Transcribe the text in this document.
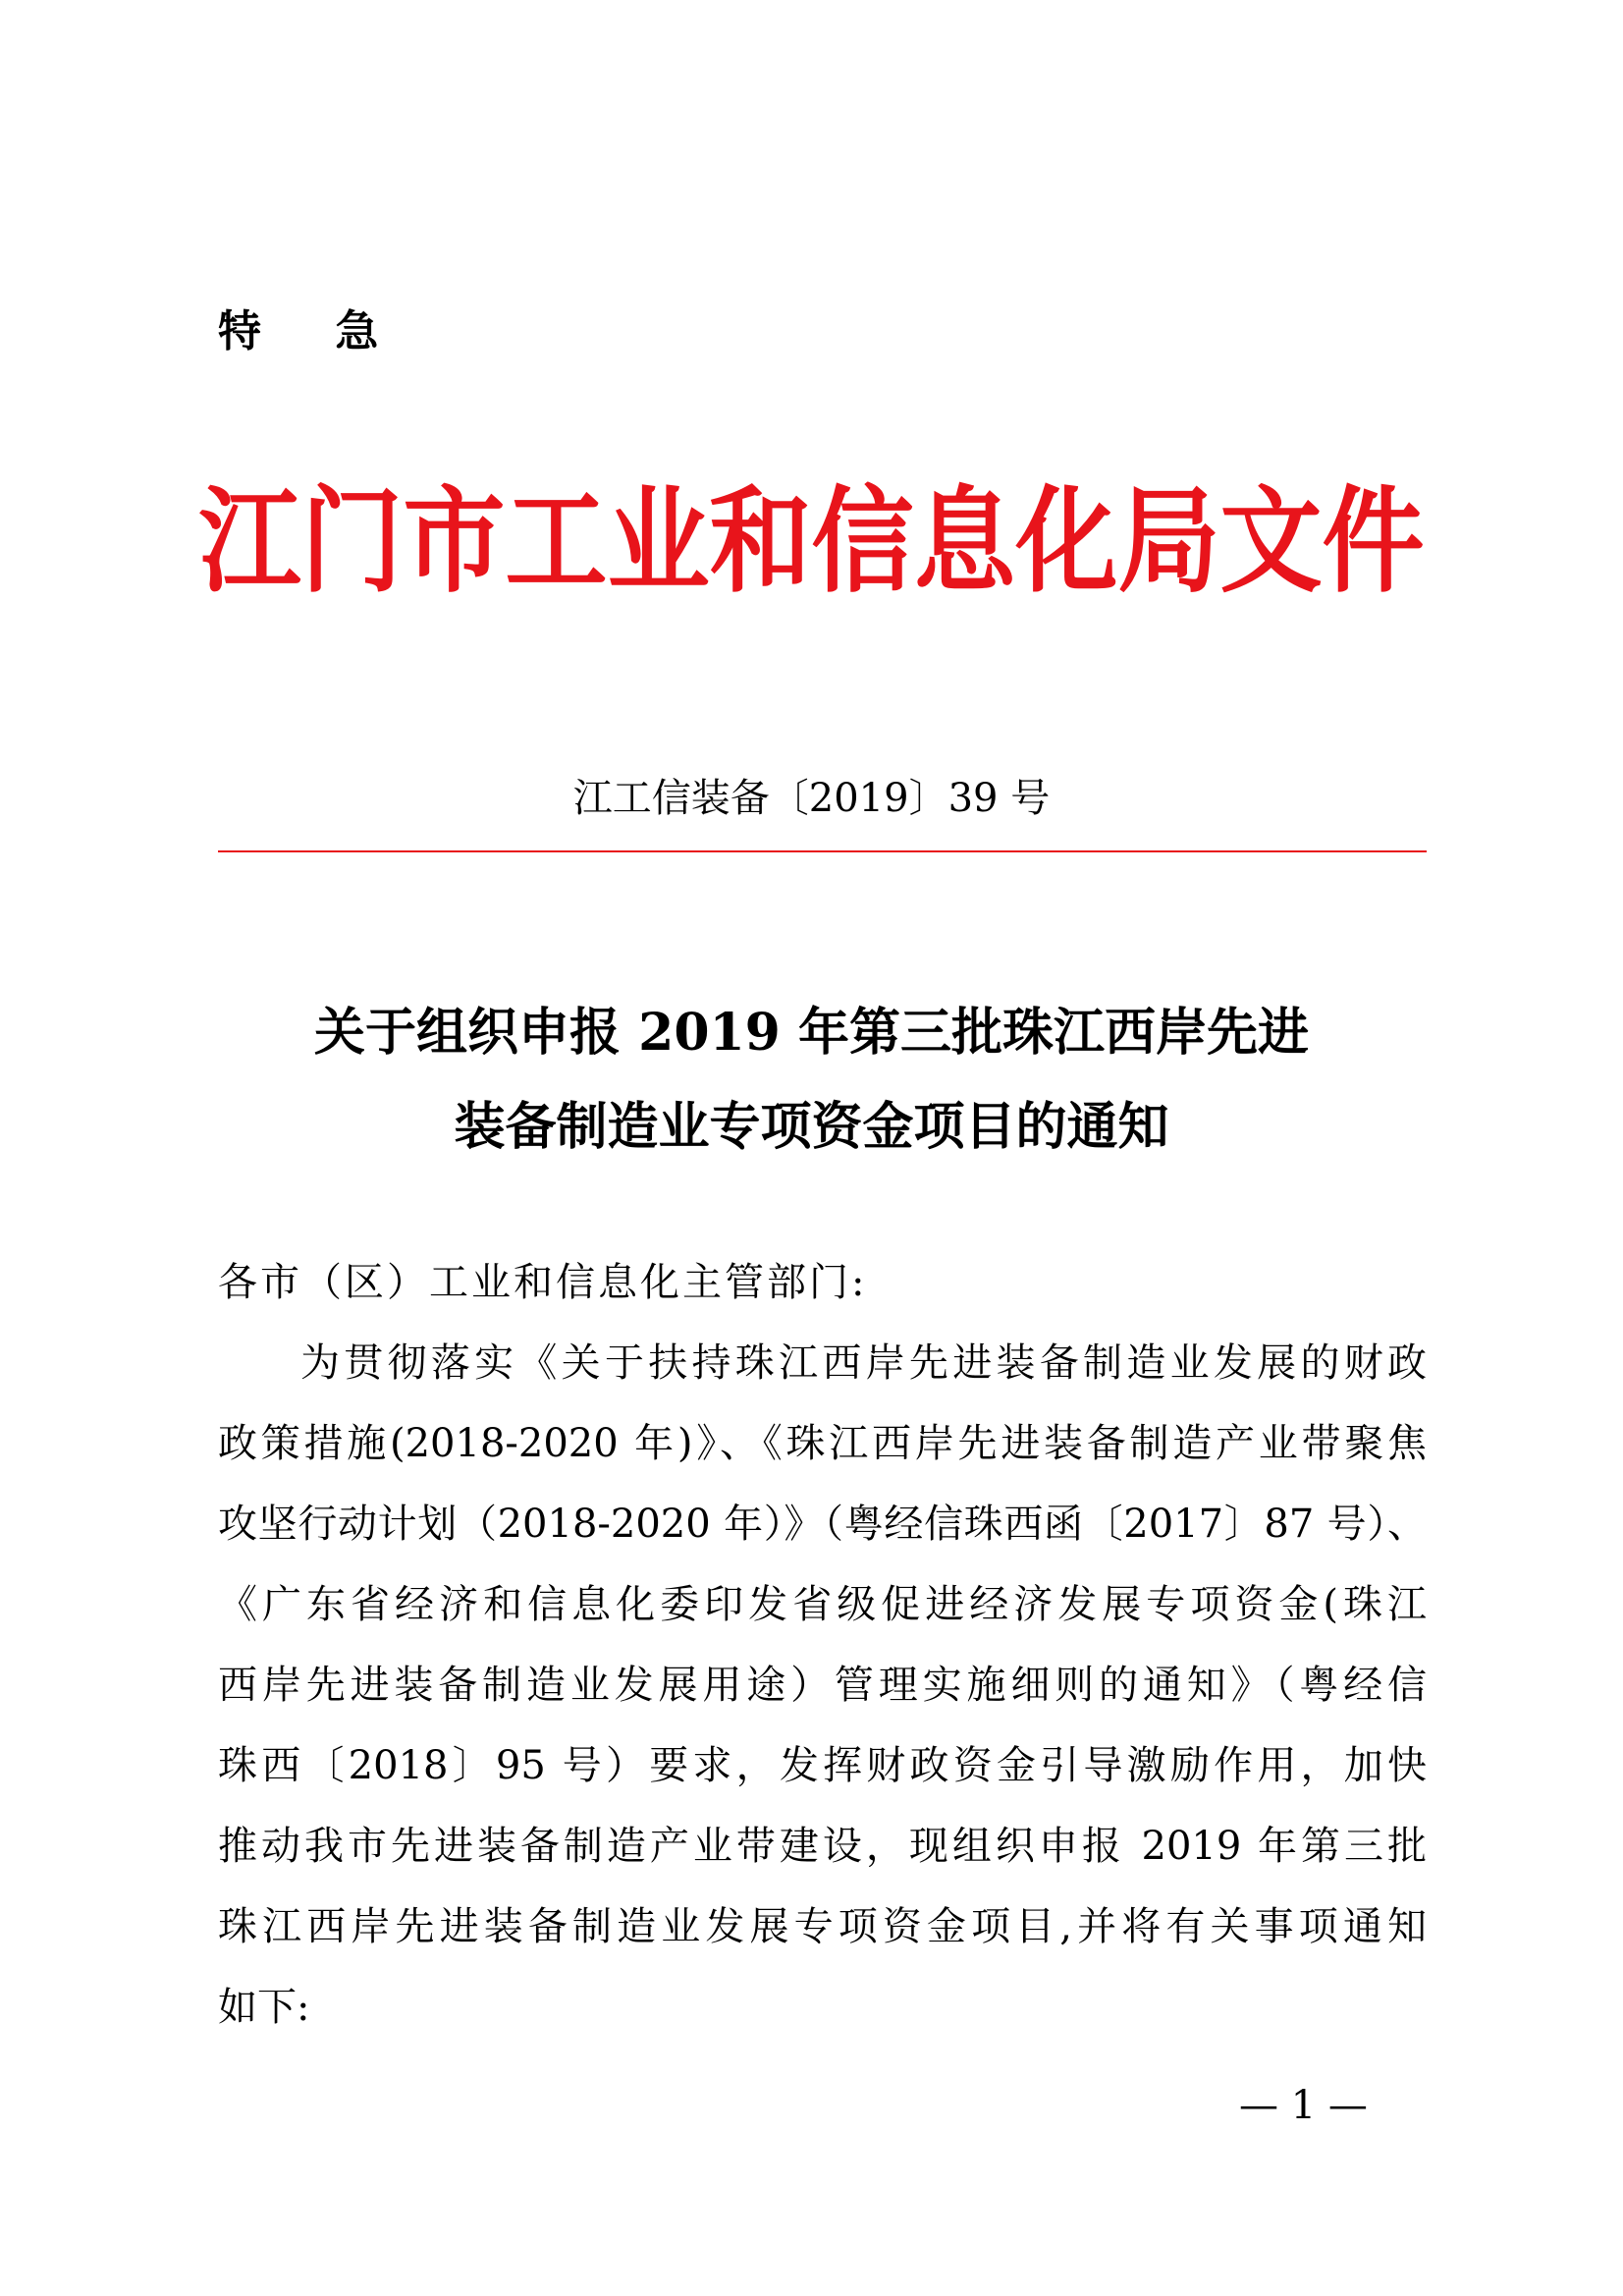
特 急
江门市工业和信息化局文件
江工信装备〔2019〕39 号
关于组织申报 2019 年第三批珠江西岸先进
装备制造业专项资金项目的通知
各市（区）工业和信息化主管部门:
为贯彻落实《关于扶持珠江西岸先进装备制造业发展的财政
政策措施(2018-2020 年)》、《珠江西岸先进装备制造产业带聚焦
攻坚行动计划（2018-2020 年）》（粤经信珠西函〔2017〕87 号）、
《广东省经济和信息化委印发省级促进经济发展专项资金(珠江
西岸先进装备制造业发展用途）管理实施细则的通知》（粤经信
珠西〔2018〕95 号）要求，发挥财政资金引导激励作用，加快
推动我市先进装备制造产业带建设，现组织申报 2019 年第三批
珠江西岸先进装备制造业发展专项资金项目,并将有关事项通知
如下:
— 1 —
